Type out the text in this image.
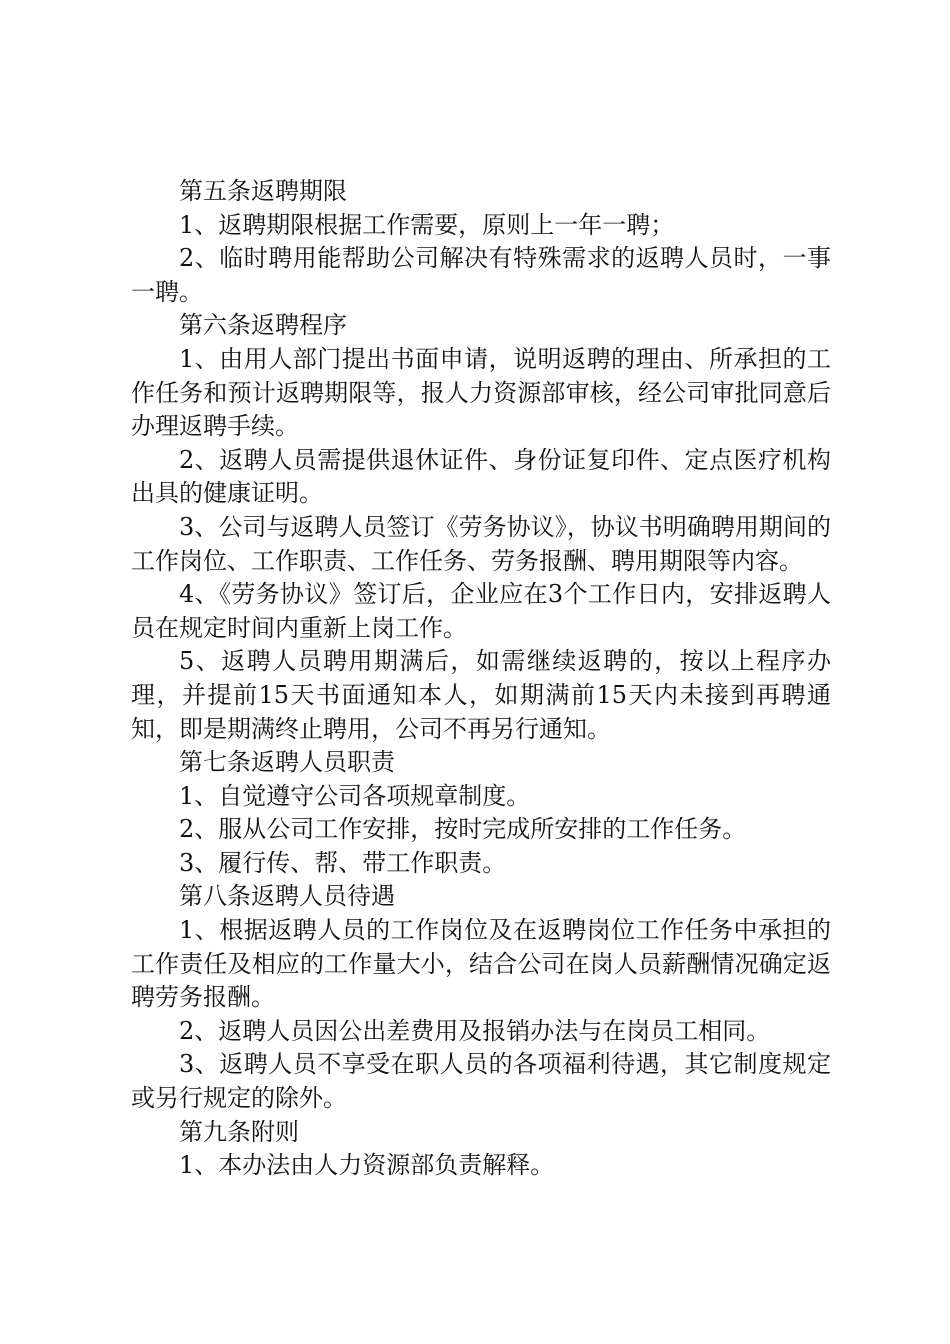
第五条返聘期限

1、返聘期限根据工作需要，原则上一年一聘；

2、临时聘用能帮助公司解决有特殊需求的返聘人员时，一事一聘。

第六条返聘程序

1、由用人部门提出书面申请，说明返聘的理由、所承担的工作任务和预计返聘期限等，报人力资源部审核，经公司审批同意后办理返聘手续。

2、返聘人员需提供退休证件、身份证复印件、定点医疗机构出具的健康证明。

3、公司与返聘人员签订《劳务协议》，协议书明确聘用期间的工作岗位、工作职责、工作任务、劳务报酬、聘用期限等内容。

4、《劳务协议》签订后，企业应在3个工作日内，安排返聘人员在规定时间内重新上岗工作。

5、返聘人员聘用期满后，如需继续返聘的，按以上程序办理，并提前15天书面通知本人，如期满前15天内未接到再聘通知，即是期满终止聘用，公司不再另行通知。

第七条返聘人员职责

1、自觉遵守公司各项规章制度。

2、服从公司工作安排，按时完成所安排的工作任务。

3、履行传、帮、带工作职责。

第八条返聘人员待遇

1、根据返聘人员的工作岗位及在返聘岗位工作任务中承担的工作责任及相应的工作量大小，结合公司在岗人员薪酬情况确定返聘劳务报酬。

2、返聘人员因公出差费用及报销办法与在岗员工相同。

3、返聘人员不享受在职人员的各项福利待遇，其它制度规定或另行规定的除外。

第九条附则

1、本办法由人力资源部负责解释。
